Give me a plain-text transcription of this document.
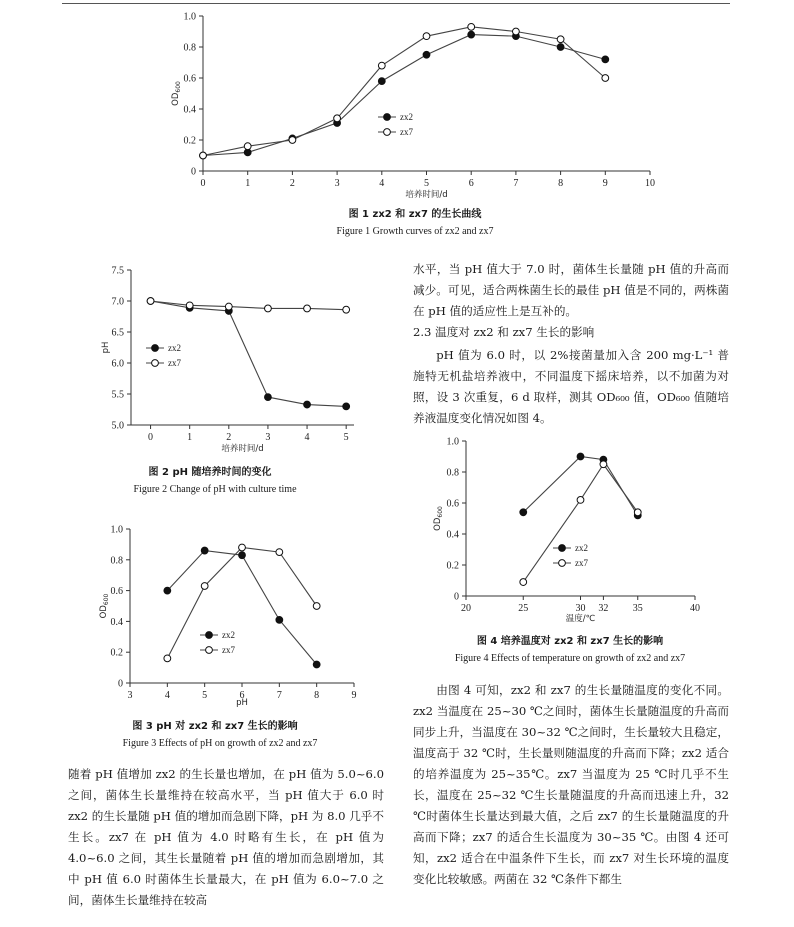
0
0.2
0.4
0.6
0.8
1.0
0	1	2	3	4	5	6	7	8	9	10
培养时间/d
$OD_{600}$
zx2
zx7
图 1 zx2 和 zx7 的生长曲线
Figure 1 Growth curves of zx2 and zx7
5.0
5.5
6.0
6.5
7.0
7.5
0	1	2	3	4	5
培养时间/d
pH	zx2
zx7
图 2 pH 随培养时间的变化
Figure 2 Change of pH with culture time
0
0.2
0.4
0.6
0.8
1.0
3	4	5	6	7	8	9
pH
$OD_{600}$
zx2
zx7
图 3 pH 对 zx2 和 zx7 生长的影响
Figure 3 Effects of pH on growth of zx2 and zx7
0
0.2
0.4
0.6
0.8
1.0
20	25	30 32 35	40
温度/℃
$OD_{600}$
zx2
zx7
图 4 培养温度对 zx2 和 zx7 生长的影响
Figure 4 Effects of temperature on growth of zx2 and zx7

水平，当 pH 值大于 7.0 时，菌体生长量随 pH 值的升高而减少。可见，适合两株菌生长的最佳 pH 值是不同的，两株菌在 pH 值的适应性上是互补的。

2.3 温度对 zx2 和 zx7 生长的影响

pH 值为 6.0 时，以 2%接菌量加入含 200 mg·L⁻¹ 普施特无机盐培养液中，不同温度下摇床培养，以不加菌为对照，设 3 次重复，6 d 取样，测其 OD₆₀₀ 值，OD₆₀₀ 值随培养液温度变化情况如图 4。

由图 4 可知，zx2 和 zx7 的生长量随温度的变化不同。zx2 当温度在 25~30 ℃之间时，菌体生长量随温度的升高而同步上升，当温度在 30~32 ℃之间时，生长量较大且稳定，温度高于 32 ℃时，生长量则随温度的升高而下降；zx2 适合的培养温度为 25~35℃。zx7 当温度为 25 ℃时几乎不生长，温度在 25~32 ℃生长量随温度的升高而迅速上升，32 ℃时菌体生长量达到最大值，之后 zx7 的生长量随温度的升高而下降；zx7 的适合生长温度为 30~35 ℃。由图 4 还可知，zx2 适合在中温条件下生长，而 zx7 对生长环境的温度变化比较敏感。两菌在 32 ℃条件下都生

随着 pH 值增加 zx2 的生长量也增加，在 pH 值为 5.0~6.0 之间，菌体生长量维持在较高水平，当 pH 值大于 6.0 时 zx2 的生长量随 pH 值的增加而急剧下降，pH 为 8.0 几乎不生长。zx7 在 pH 值为 4.0 时略有生长，在 pH 值为 4.0~6.0 之间，其生长量随着 pH 值的增加而急剧增加，其中 pH 值 6.0 时菌体生长量最大，在 pH 值为 6.0~7.0 之间，菌体生长量维持在较高
